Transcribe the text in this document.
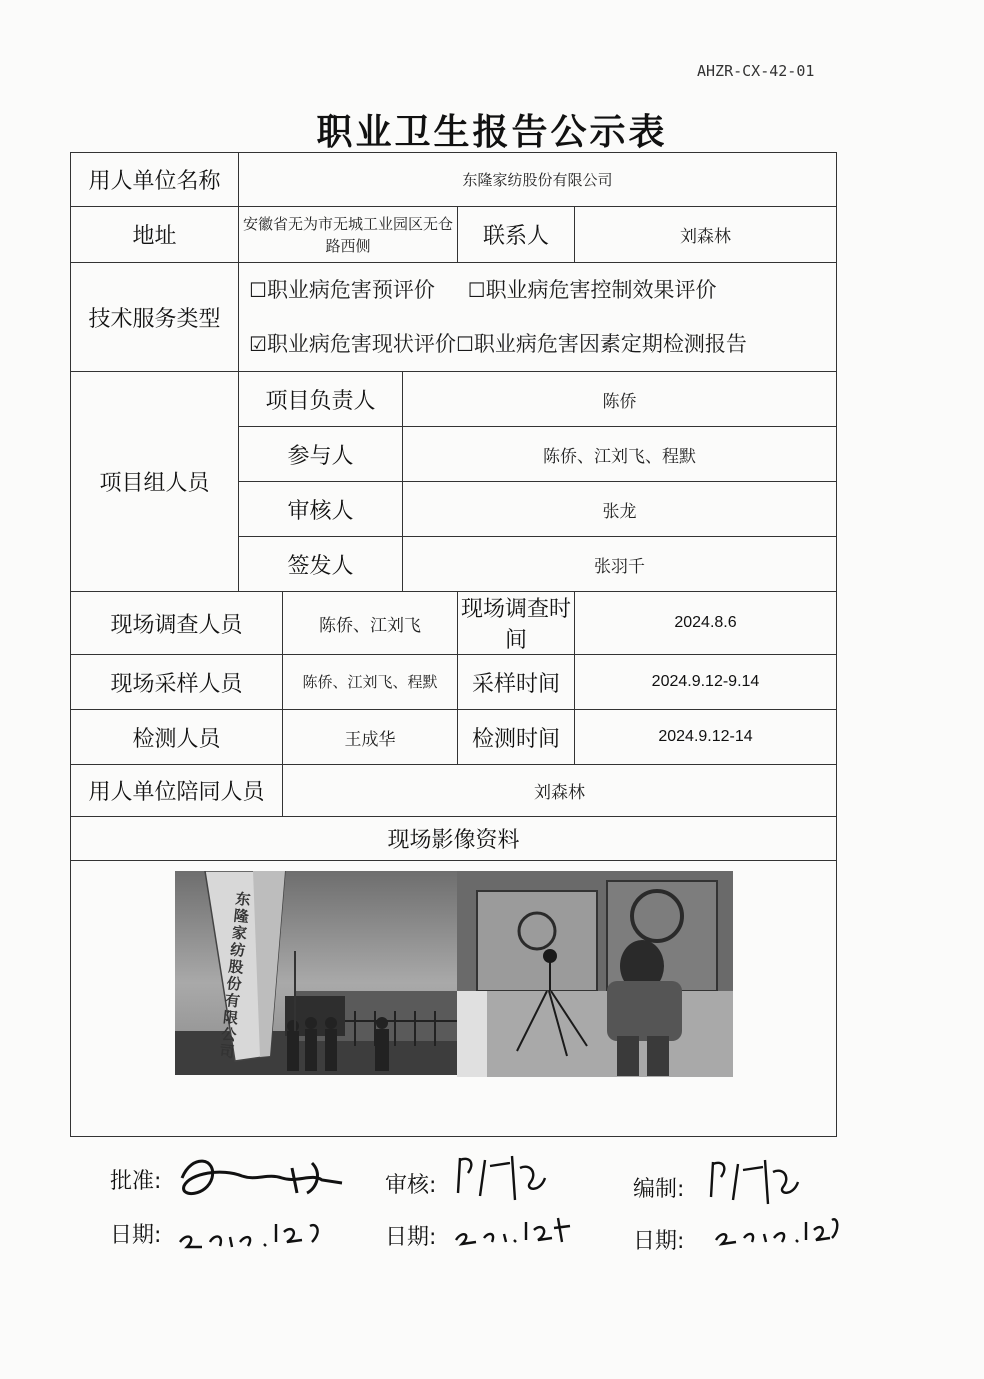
AHZR-CX-42-01
职业卫生报告公示表
用人单位名称	东隆家纺股份有限公司				
地址	安徽省无为市无城工业园区无仓路西侧			联系人	刘森林
技术服务类型	☐职业病危害预评价 ☐职业病危害控制效果评价
☑职业病危害现状评价☐职业病危害因素定期检测报告				
项目组人员	项目负责人		陈侨		
	参与人		陈侨、江刘飞、程默		
	审核人		张龙		
	签发人		张羽千		
现场调查人员		陈侨、江刘飞		现场调查时间	2024.8.6
现场采样人员		陈侨、江刘飞、程默		采样时间	2024.9.12-9.14
检测人员		王成华		检测时间	2024.9.12-14
用人单位陪同人员		刘森林			
现场影像资料					

东隆家纺股份有限公司					
批准:
日期:
审核:
日期:
编制:
日期:
